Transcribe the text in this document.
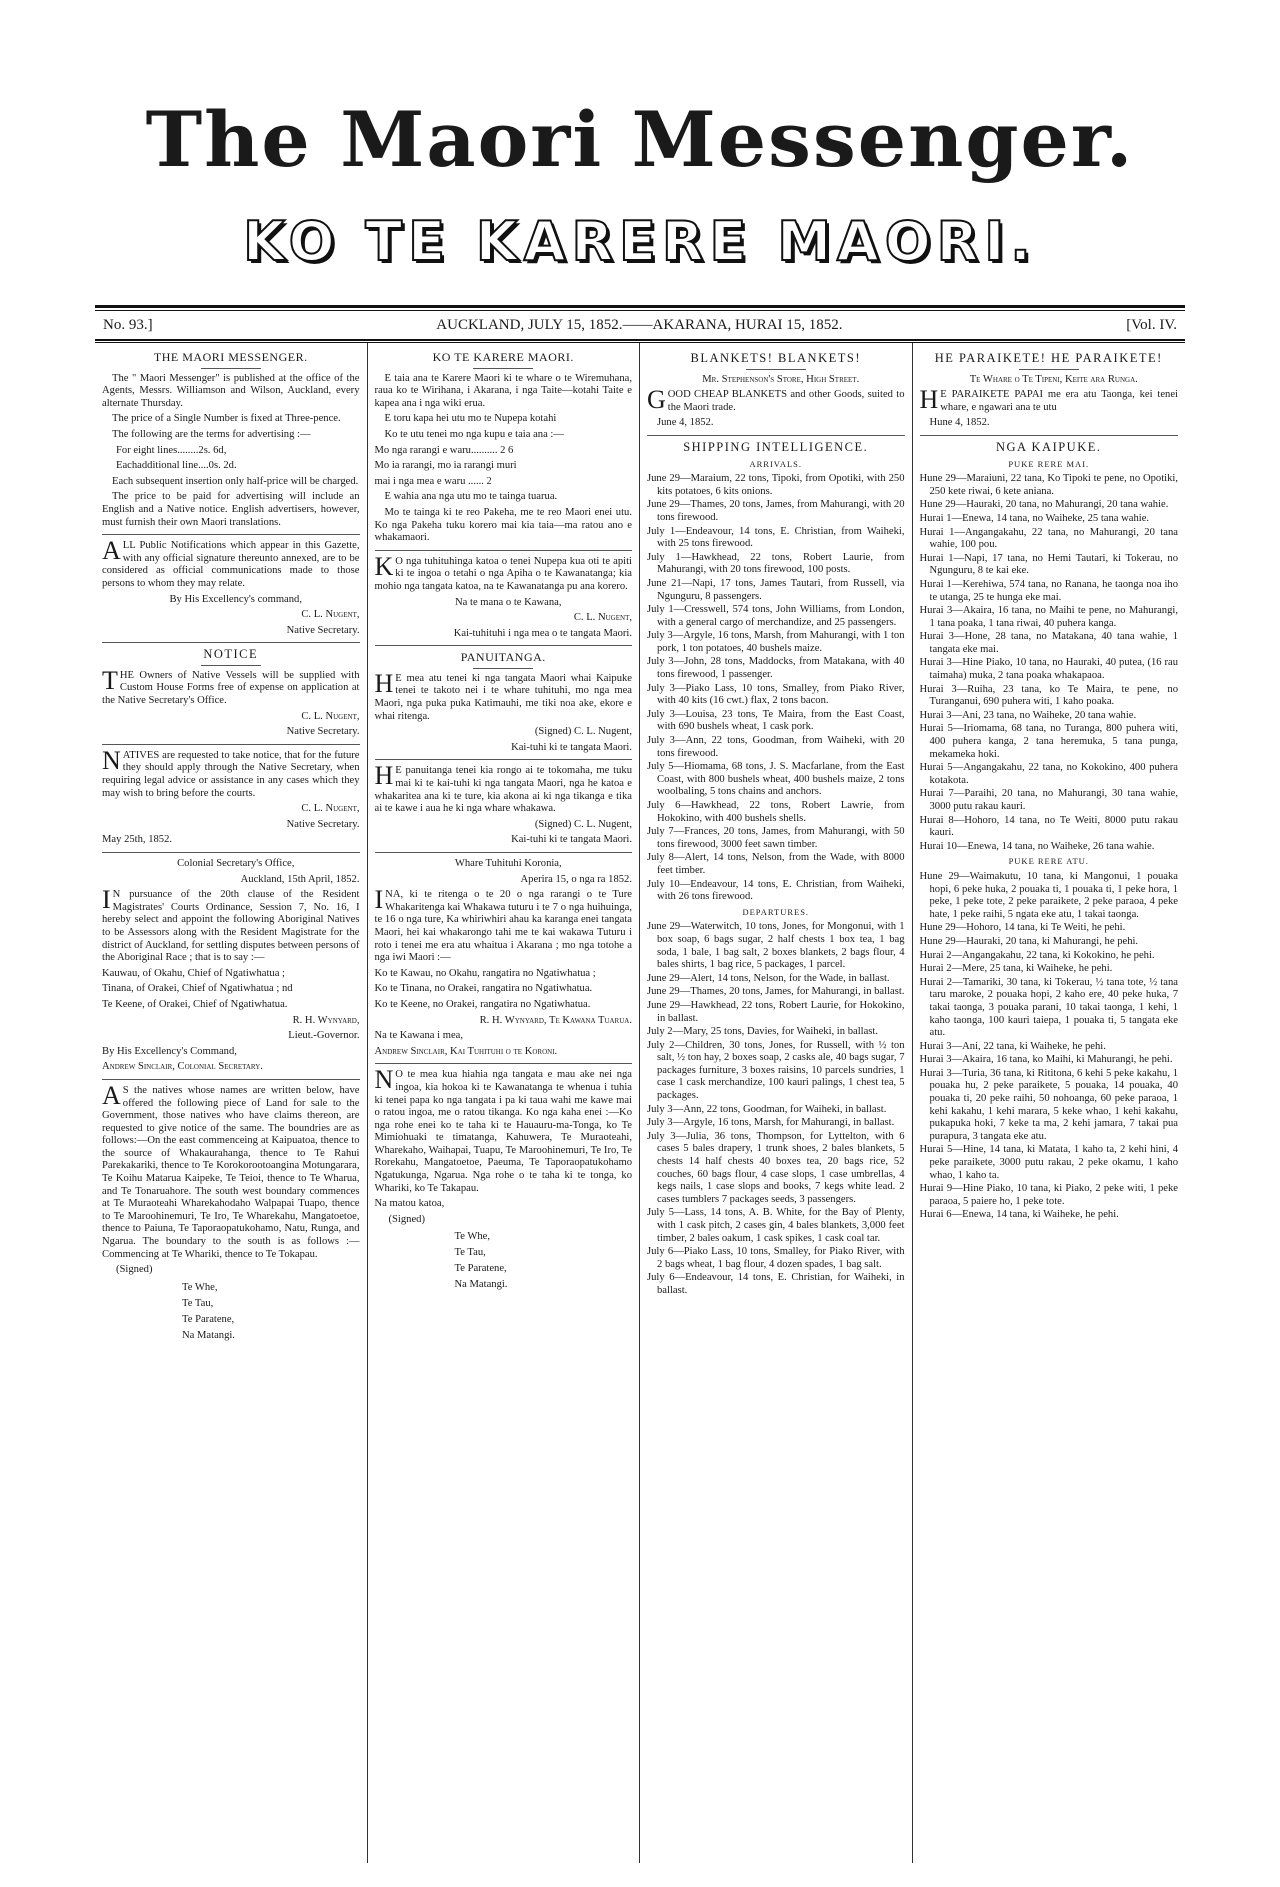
The Maori Messenger.
KO TE KARERE MAORI.
No. 93.]	AUCKLAND, JULY 15, 1852.——AKARANA, HURAI 15, 1852.	[Vol. IV.
THE MAORI MESSENGER.

The " Maori Messenger" is published at the office of the Agents, Messrs. Williamson and Wilson, Auckland, every alternate Thursday.

The price of a Single Number is fixed at Three-pence.

The following are the terms for advertising :—

For eight lines........2s. 6d,

Eachadditional line....0s. 2d.

Each subsequent insertion only half-price will be charged.

The price to be paid for advertising will include an English and a Native notice. English advertisers, however, must furnish their own Maori translations.

ALL Public Notifications which appear in this Gazette, with any official signature thereunto annexed, are to be considered as official communications made to those persons to whom they may relate.

By His Excellency's command,

C. L. Nugent,

Native Secretary.

NOTICE

THE Owners of Native Vessels will be supplied with Custom House Forms free of expense on application at the Native Secretary's Office.

C. L. Nugent,

Native Secretary.

NATIVES are requested to take notice, that for the future they should apply through the Native Secretary, when requiring legal advice or assistance in any cases which they may wish to bring before the courts.

C. L. Nugent,

Native Secretary.

May 25th, 1852.

Colonial Secretary's Office,

Auckland, 15th April, 1852.

IN pursuance of the 20th clause of the Resident Magistrates' Courts Ordinance, Session 7, No. 16, I hereby select and appoint the following Aboriginal Natives to be Assessors along with the Resident Magistrate for the district of Auckland, for settling disputes between persons of the Aboriginal Race ; that is to say :—

Kauwau, of Okahu, Chief of Ngatiwhatua ;

Tinana, of Orakei, Chief of Ngatiwhatua ; nd

Te Keene, of Orakei, Chief of Ngatiwhatua.

R. H. Wynyard,

Lieut.-Governor.

By His Excellency's Command,

Andrew Sinclair, Colonial Secretary.

AS the natives whose names are written below, have offered the following piece of Land for sale to the Government, those natives who have claims thereon, are requested to give notice of the same. The boundries are as follows:—On the east commenceing at Kaipuatoa, thence to the source of Whakaurahanga, thence to Te Rahui Parekakariki, thence to Te Korokorootoangina Motungarara, Te Koihu Matarua Kaipeke, Te Teioi, thence to Te Wharua, and Te Tonaruahore. The south west boundary commences at Te Muraoteahi Wharekahodaho Walpapai Tuapo, thence to Te Maroohinemuri, Te Iro, Te Wharekahu, Mangatoetoe, thence to Paiuna, Te Taporaopatukohamo, Natu, Runga, and Ngarua. The boundary to the south is as follows :—Commencing at Te Whariki, thence to Te Tokapau.

(Signed)

Te Whe,
Te Tau,
Te Paratene,
Na Matangi.
KO TE KARERE MAORI.

E taia ana te Karere Maori ki te whare o te Wiremuhana, raua ko te Wirihana, i Akarana, i nga Taite—kotahi Taite e kapea ana i nga wiki erua.

E toru kapa hei utu mo te Nupepa kotahi

Ko te utu tenei mo nga kupu e taia ana :—

Mo nga rarangi e waru.......... 2 6

Mo ia rarangi, mo ia rarangi muri

mai i nga mea e waru ...... 2

E wahia ana nga utu mo te tainga tuarua.

Mo te tainga ki te reo Pakeha, me te reo Maori enei utu. Ko nga Pakeha tuku korero mai kia taia—ma ratou ano e whakamaori.

KO nga tuhituhinga katoa o tenei Nupepa kua oti te apiti ki te ingoa o tetahi o nga Apiha o te Kawanatanga; kia mohio nga tangata katoa, na te Kawanatanga pu ana korero.

Na te mana o te Kawana,

C. L. Nugent,

Kai-tuhituhi i nga mea o te tangata Maori.

PANUITANGA.

HE mea atu tenei ki nga tangata Maori whai Kaipuke tenei te takoto nei i te whare tuhituhi, mo nga mea Maori, nga puka puka Katimauhi, me tiki noa ake, ekore e whai ritenga.

(Signed) C. L. Nugent,

Kai-tuhi ki te tangata Maori.

HE panuitanga tenei kia rongo ai te tokomaha, me tuku mai ki te kai-tuhi ki nga tangata Maori, nga he katoa e whakaritea ana ki te ture, kia akona ai ki nga tikanga e tika ai te kawe i aua he ki nga whare whakawa.

(Signed) C. L. Nugent,

Kai-tuhi ki te tangata Maori.

Whare Tuhituhi Koronia,

Aperira 15, o nga ra 1852.

INA, ki te ritenga o te 20 o nga rarangi o te Ture Whakaritenga kai Whakawa tuturu i te 7 o nga huihuinga, te 16 o nga ture, Ka whiriwhiri ahau ka karanga enei tangata Maori, hei kai whakarongo tahi me te kai wakawa Tuturu i roto i tenei me era atu whaitua i Akarana ; mo nga totohe a nga iwi Maori :—

Ko te Kawau, no Okahu, rangatira no Ngatiwhatua ;

Ko te Tinana, no Orakei, rangatira no Ngatiwhatua.

Ko te Keene, no Orakei, rangatira no Ngatiwhatua.

R. H. Wynyard, Te Kawana Tuarua.

Na te Kawana i mea,

Andrew Sinclair, Kai Tuhituhi o te Koroni.

NO te mea kua hiahia nga tangata e mau ake nei nga ingoa, kia hokoa ki te Kawanatanga te whenua i tuhia ki tenei papa ko nga tangata i pa ki taua wahi me kawe mai o ratou ingoa, me o ratou tikanga. Ko nga kaha enei :—Ko nga rohe enei ko te taha ki te Hauauru-ma-Tonga, ko Te Mimiohuaki te timatanga, Kahuwera, Te Muraoteahi, Wharekaho, Waihapai, Tuapu, Te Maroohinemuri, Te Iro, Te Rorekahu, Mangatoetoe, Paeuma, Te Taporaopatukohamo Ngatukunga, Ngarua. Nga rohe o te taha ki te tonga, ko Whariki, ko Te Takapau.

Na matou katoa,

(Signed)

Te Whe,
Te Tau,
Te Paratene,
Na Matangi.
BLANKETS! BLANKETS!

Mr. Stephenson's Store, High Street.

GOOD CHEAP BLANKETS and other Goods, suited to the Maori trade.

June 4, 1852.

SHIPPING INTELLIGENCE.
ARRIVALS.

June 29—Maraium, 22 tons, Tipoki, from Opotiki, with 250 kits potatoes, 6 kits onions.

June 29—Thames, 20 tons, James, from Mahurangi, with 20 tons firewood.

July 1—Endeavour, 14 tons, E. Christian, from Waiheki, with 25 tons firewood.

July 1—Hawkhead, 22 tons, Robert Laurie, from Mahurangi, with 20 tons firewood, 100 posts.

June 21—Napi, 17 tons, James Tautari, from Russell, via Ngunguru, 8 passengers.

July 1—Cresswell, 574 tons, John Williams, from London, with a general cargo of merchandize, and 25 passengers.

July 3—Argyle, 16 tons, Marsh, from Mahurangi, with 1 ton pork, 1 ton potatoes, 40 bushels maize.

July 3—John, 28 tons, Maddocks, from Matakana, with 40 tons firewood, 1 passenger.

July 3—Piako Lass, 10 tons, Smalley, from Piako River, with 40 kits (16 cwt.) flax, 2 tons bacon.

July 3—Louisa, 23 tons, Te Maira, from the East Coast, with 690 bushels wheat, 1 cask pork.

July 3—Ann, 22 tons, Goodman, from Waiheki, with 20 tons firewood.

July 5—Hiomama, 68 tons, J. S. Macfarlane, from the East Coast, with 800 bushels wheat, 400 bushels maize, 2 tons woolbaling, 5 tons chains and anchors.

July 6—Hawkhead, 22 tons, Robert Lawrie, from Hokokino, with 400 bushels shells.

July 7—Frances, 20 tons, James, from Mahurangi, with 50 tons firewood, 3000 feet sawn timber.

July 8—Alert, 14 tons, Nelson, from the Wade, with 8000 feet timber.

July 10—Endeavour, 14 tons, E. Christian, from Waiheki, with 26 tons firewood.

DEPARTURES.

June 29—Waterwitch, 10 tons, Jones, for Mongonui, with 1 box soap, 6 bags sugar, 2 half chests 1 box tea, 1 bag soda, 1 bale, 1 bag salt, 2 boxes blankets, 2 bags flour, 4 bales shirts, 1 bag rice, 5 packages, 1 parcel.

June 29—Alert, 14 tons, Nelson, for the Wade, in ballast.

June 29—Thames, 20 tons, James, for Mahurangi, in ballast.

June 29—Hawkhead, 22 tons, Robert Laurie, for Hokokino, in ballast.

July 2—Mary, 25 tons, Davies, for Waiheki, in ballast.

July 2—Children, 30 tons, Jones, for Russell, with ½ ton salt, ½ ton hay, 2 boxes soap, 2 casks ale, 40 bags sugar, 7 packages furniture, 3 boxes raisins, 10 parcels sundries, 1 case 1 cask merchandize, 100 kauri palings, 1 chest tea, 5 packages.

July 3—Ann, 22 tons, Goodman, for Waiheki, in ballast.

July 3—Argyle, 16 tons, Marsh, for Mahurangi, in ballast.

July 3—Julia, 36 tons, Thompson, for Lyttelton, with 6 cases 5 bales drapery, 1 trunk shoes, 2 bales blankets, 5 chests 14 half chests 40 boxes tea, 20 bags rice, 52 couches, 60 bags flour, 4 case slops, 1 case umbrellas, 4 kegs nails, 1 case slops and books, 7 kegs white lead. 2 cases tumblers 7 packages seeds, 3 passengers.

July 5—Lass, 14 tons, A. B. White, for the Bay of Plenty, with 1 cask pitch, 2 cases gin, 4 bales blankets, 3,000 feet timber, 2 bales oakum, 1 cask spikes, 1 cask coal tar.

July 6—Piako Lass, 10 tons, Smalley, for Piako River, with 2 bags wheat, 1 bag flour, 4 dozen spades, 1 bag salt.

July 6—Endeavour, 14 tons, E. Christian, for Waiheki, in ballast.

HE PARAIKETE! HE PARAIKETE!

Te Whare o Te Tipeni, Keite ara Runga.

HE PARAIKETE PAPAI me era atu Taonga, kei tenei whare, e ngawari ana te utu

Hune 4, 1852.

NGA KAIPUKE.
PUKE RERE MAI.

Hune 29—Maraiuni, 22 tana, Ko Tipoki te pene, no Opotiki, 250 kete riwai, 6 kete aniana.

Hune 29—Hauraki, 20 tana, no Mahurangi, 20 tana wahie.

Hurai 1—Enewa, 14 tana, no Waiheke, 25 tana wahie.

Hurai 1—Angangakahu, 22 tana, no Mahurangi, 20 tana wahie, 100 pou.

Hurai 1—Napi, 17 tana, no Hemi Tautari, ki Tokerau, no Ngunguru, 8 te kai eke.

Hurai 1—Kerehiwa, 574 tana, no Ranana, he taonga noa iho te utanga, 25 te hunga eke mai.

Hurai 3—Akaira, 16 tana, no Maihi te pene, no Mahurangi, 1 tana poaka, 1 tana riwai, 40 puhera kanga.

Hurai 3—Hone, 28 tana, no Matakana, 40 tana wahie, 1 tangata eke mai.

Hurai 3—Hine Piako, 10 tana, no Hauraki, 40 putea, (16 rau taimaha) muka, 2 tana poaka whakapaoa.

Hurai 3—Ruiha, 23 tana, ko Te Maira, te pene, no Turanganui, 690 puhera witi, 1 kaho poaka.

Hurai 3—Ani, 23 tana, no Waiheke, 20 tana wahie.

Hurai 5—Iriomama, 68 tana, no Turanga, 800 puhera witi, 400 puhera kanga, 2 tana heremuka, 5 tana punga, mekameka hoki.

Hurai 5—Angangakahu, 22 tana, no Kokokino, 400 puhera kotakota.

Hurai 7—Paraihi, 20 tana, no Mahurangi, 30 tana wahie, 3000 putu rakau kauri.

Hurai 8—Hohoro, 14 tana, no Te Weiti, 8000 putu rakau kauri.

Hurai 10—Enewa, 14 tana, no Waiheke, 26 tana wahie.

PUKE RERE ATU.

Hune 29—Waimakutu, 10 tana, ki Mangonui, 1 pouaka hopi, 6 peke huka, 2 pouaka ti, 1 pouaka ti, 1 peke hora, 1 peke, 1 peke tote, 2 peke paraikete, 2 peke paraoa, 4 peke hate, 1 peke raihi, 5 ngata eke atu, 1 takai taonga.

Hune 29—Hohoro, 14 tana, ki Te Weiti, he pehi.

Hune 29—Hauraki, 20 tana, ki Mahurangi, he pehi.

Hurai 2—Angangakahu, 22 tana, ki Kokokino, he pehi.

Hurai 2—Mere, 25 tana, ki Waiheke, he pehi.

Hurai 2—Tamariki, 30 tana, ki Tokerau, ½ tana tote, ½ tana taru maroke, 2 pouaka hopi, 2 kaho ere, 40 peke huka, 7 takai taonga, 3 pouaka parani, 10 takai taonga, 1 kehi, 1 kaho taonga, 100 kauri taiepa, 1 pouaka ti, 5 tangata eke atu.

Hurai 3—Ani, 22 tana, ki Waiheke, he pehi.

Hurai 3—Akaira, 16 tana, ko Maihi, ki Mahurangi, he pehi.

Hurai 3—Turia, 36 tana, ki Rititona, 6 kehi 5 peke kakahu, 1 pouaka hu, 2 peke paraikete, 5 pouaka, 14 pouaka, 40 pouaka ti, 20 peke raihi, 50 nohoanga, 60 peke paraoa, 1 kehi kakahu, 1 kehi marara, 5 keke whao, 1 kehi kakahu, pukapuka hoki, 7 keke ta ma, 2 kehi jamara, 7 takai pua purapura, 3 tangata eke atu.

Hurai 5—Hine, 14 tana, ki Matata, 1 kaho ta, 2 kehi hini, 4 peke paraikete, 3000 putu rakau, 2 peke okamu, 1 kaho whao, 1 kaho ta.

Hurai 9—Hine Piako, 10 tana, ki Piako, 2 peke witi, 1 peke paraoa, 5 paiere ho, 1 peke tote.

Hurai 6—Enewa, 14 tana, ki Waiheke, he pehi.
